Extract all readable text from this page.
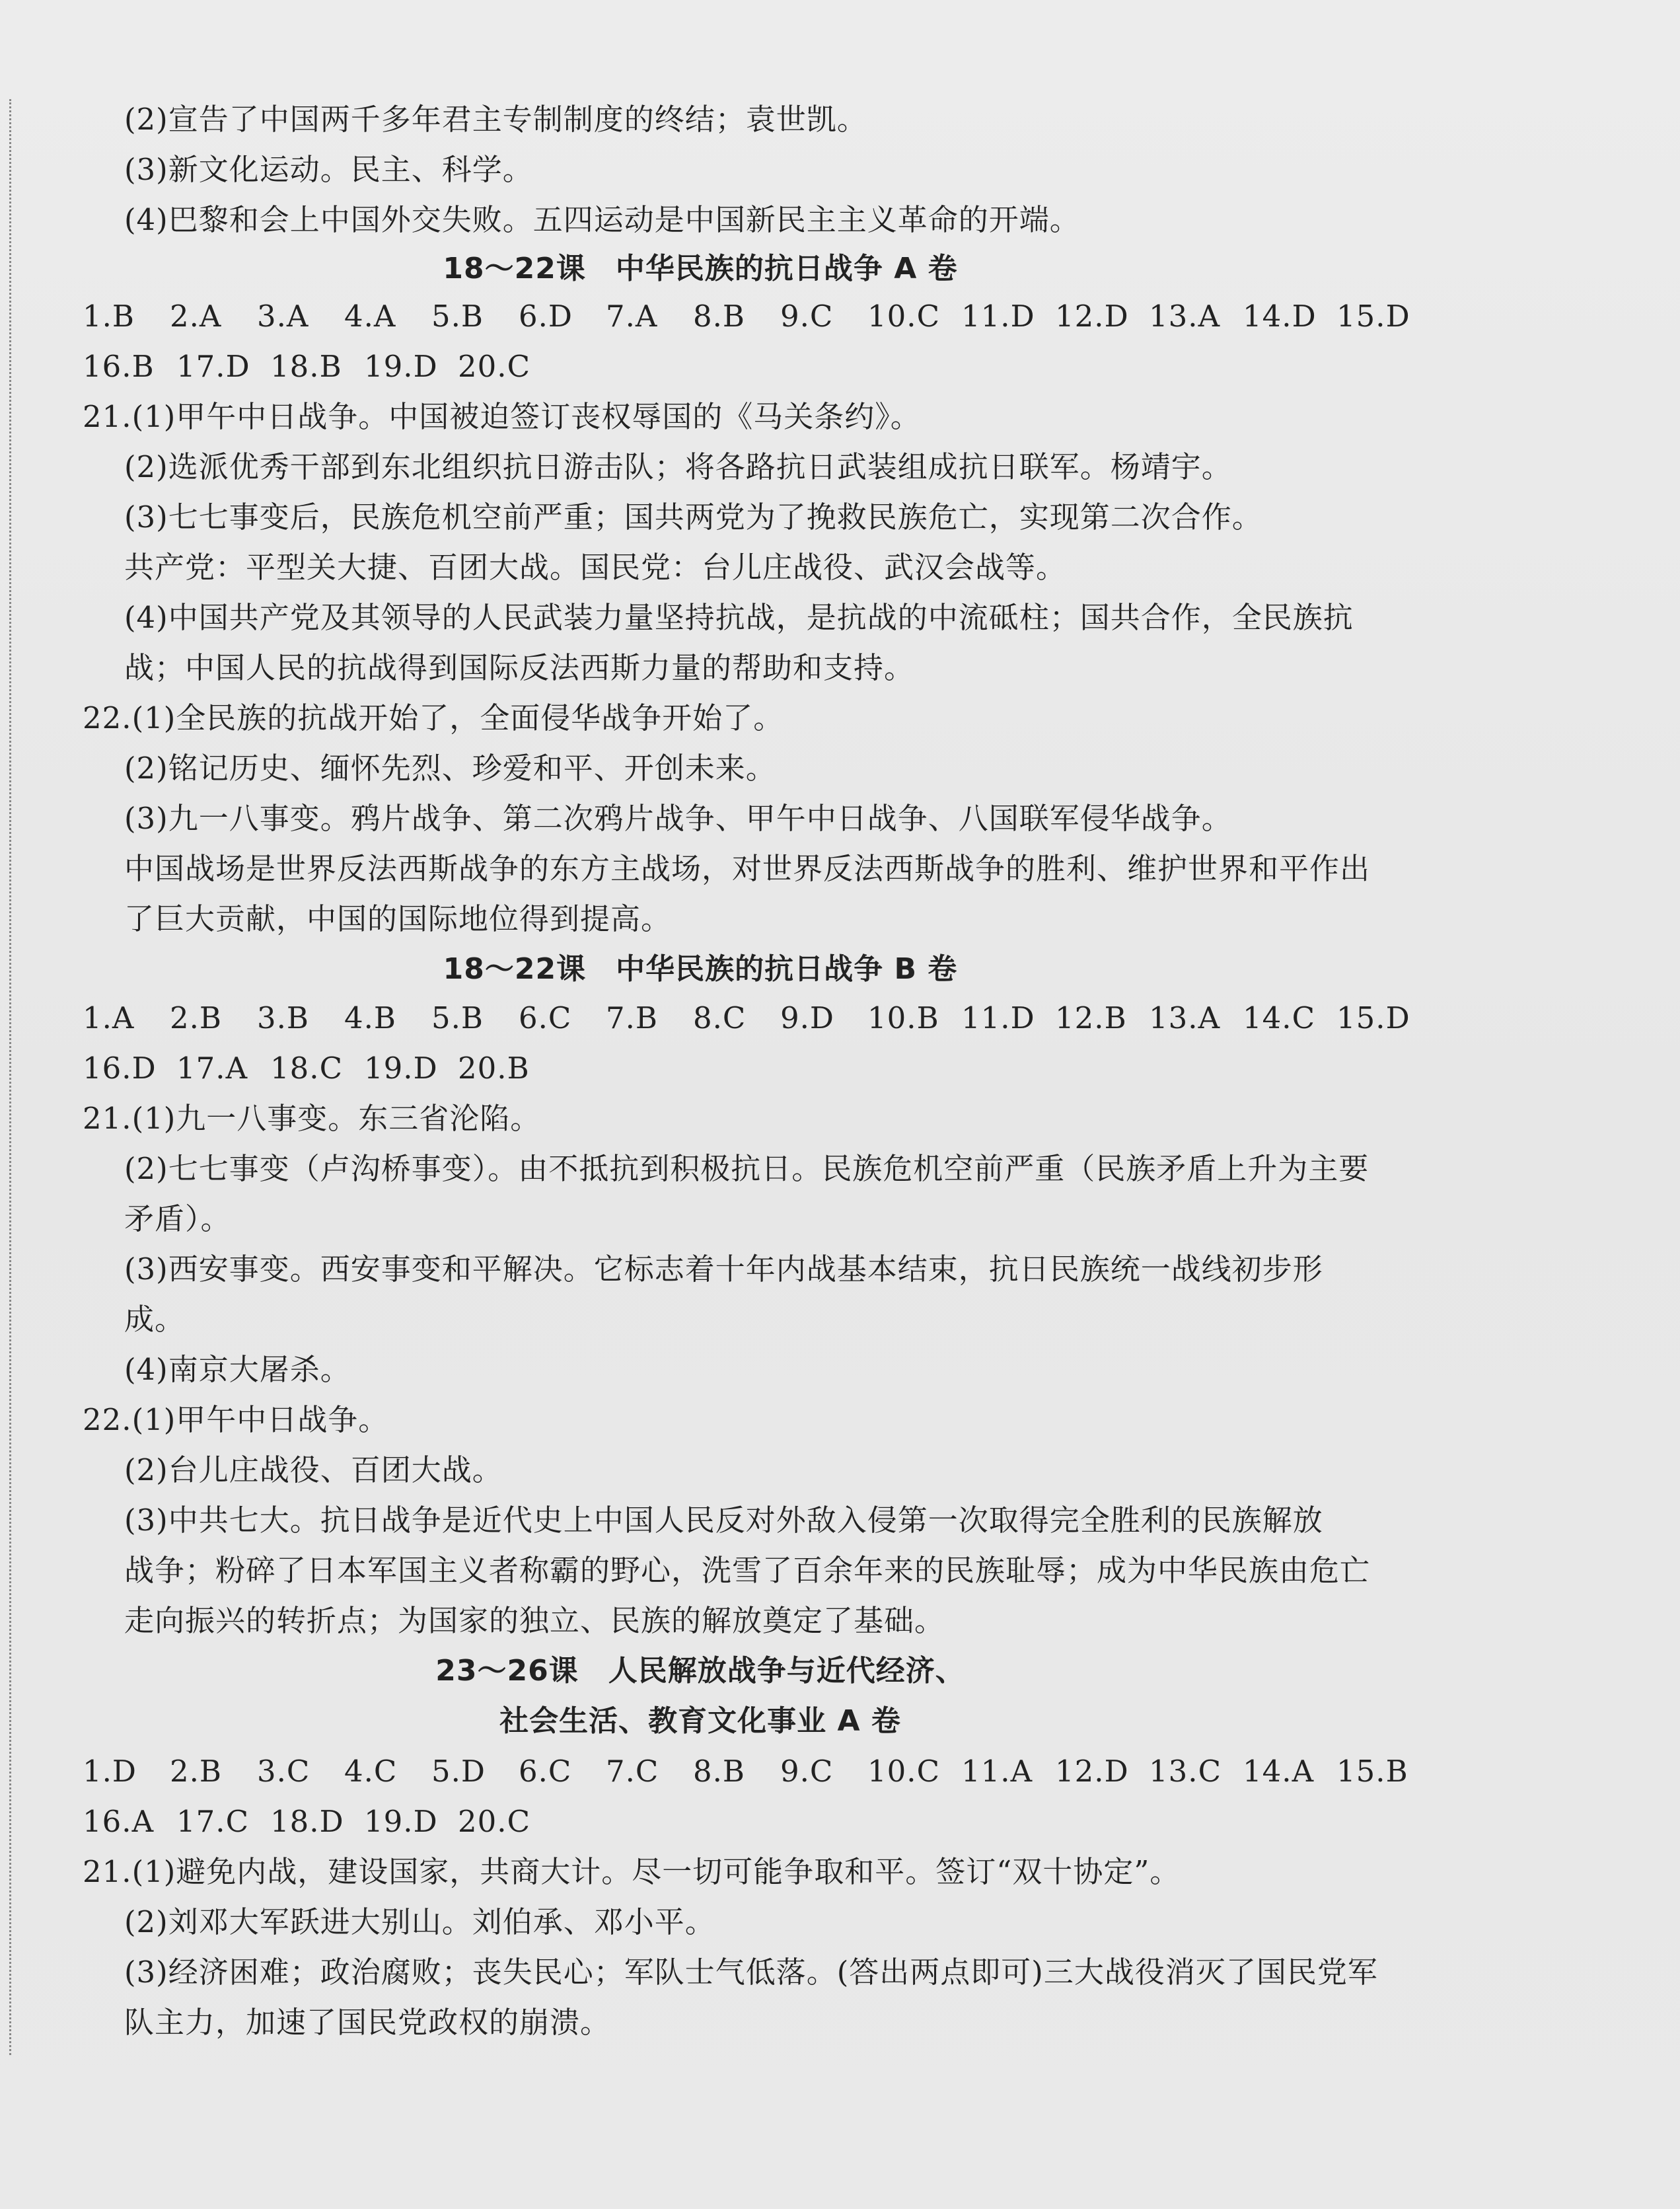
(2)宣告了中国两千多年君主专制制度的终结；袁世凯。
(3)新文化运动。民主、科学。
(4)巴黎和会上中国外交失败。五四运动是中国新民主主义革命的开端。
18～22课　中华民族的抗日战争 A 卷
1.B 2.A 3.A 4.A 5.B 6.D 7.A 8.B 9.C 10.C 11.D 12.D 13.A 14.D 15.D
16.B 17.D 18.B 19.D 20.C
21.(1)甲午中日战争。中国被迫签订丧权辱国的《马关条约》。
(2)选派优秀干部到东北组织抗日游击队；将各路抗日武装组成抗日联军。杨靖宇。
(3)七七事变后，民族危机空前严重；国共两党为了挽救民族危亡，实现第二次合作。
共产党：平型关大捷、百团大战。国民党：台儿庄战役、武汉会战等。
(4)中国共产党及其领导的人民武装力量坚持抗战，是抗战的中流砥柱；国共合作，全民族抗
战；中国人民的抗战得到国际反法西斯力量的帮助和支持。
22.(1)全民族的抗战开始了，全面侵华战争开始了。
(2)铭记历史、缅怀先烈、珍爱和平、开创未来。
(3)九一八事变。鸦片战争、第二次鸦片战争、甲午中日战争、八国联军侵华战争。
中国战场是世界反法西斯战争的东方主战场，对世界反法西斯战争的胜利、维护世界和平作出
了巨大贡献，中国的国际地位得到提高。
18～22课　中华民族的抗日战争 B 卷
1.A 2.B 3.B 4.B 5.B 6.C 7.B 8.C 9.D 10.B 11.D 12.B 13.A 14.C 15.D
16.D 17.A 18.C 19.D 20.B
21.(1)九一八事变。东三省沦陷。
(2)七七事变（卢沟桥事变）。由不抵抗到积极抗日。民族危机空前严重（民族矛盾上升为主要
矛盾）。
(3)西安事变。西安事变和平解决。它标志着十年内战基本结束，抗日民族统一战线初步形
成。
(4)南京大屠杀。
22.(1)甲午中日战争。
(2)台儿庄战役、百团大战。
(3)中共七大。抗日战争是近代史上中国人民反对外敌入侵第一次取得完全胜利的民族解放
战争；粉碎了日本军国主义者称霸的野心，洗雪了百余年来的民族耻辱；成为中华民族由危亡
走向振兴的转折点；为国家的独立、民族的解放奠定了基础。
23～26课　人民解放战争与近代经济、
社会生活、教育文化事业 A 卷
1.D 2.B 3.C 4.C 5.D 6.C 7.C 8.B 9.C 10.C 11.A 12.D 13.C 14.A 15.B
16.A 17.C 18.D 19.D 20.C
21.(1)避免内战，建设国家，共商大计。尽一切可能争取和平。签订“双十协定”。
(2)刘邓大军跃进大别山。刘伯承、邓小平。
(3)经济困难；政治腐败；丧失民心；军队士气低落。(答出两点即可)三大战役消灭了国民党军
队主力，加速了国民党政权的崩溃。
